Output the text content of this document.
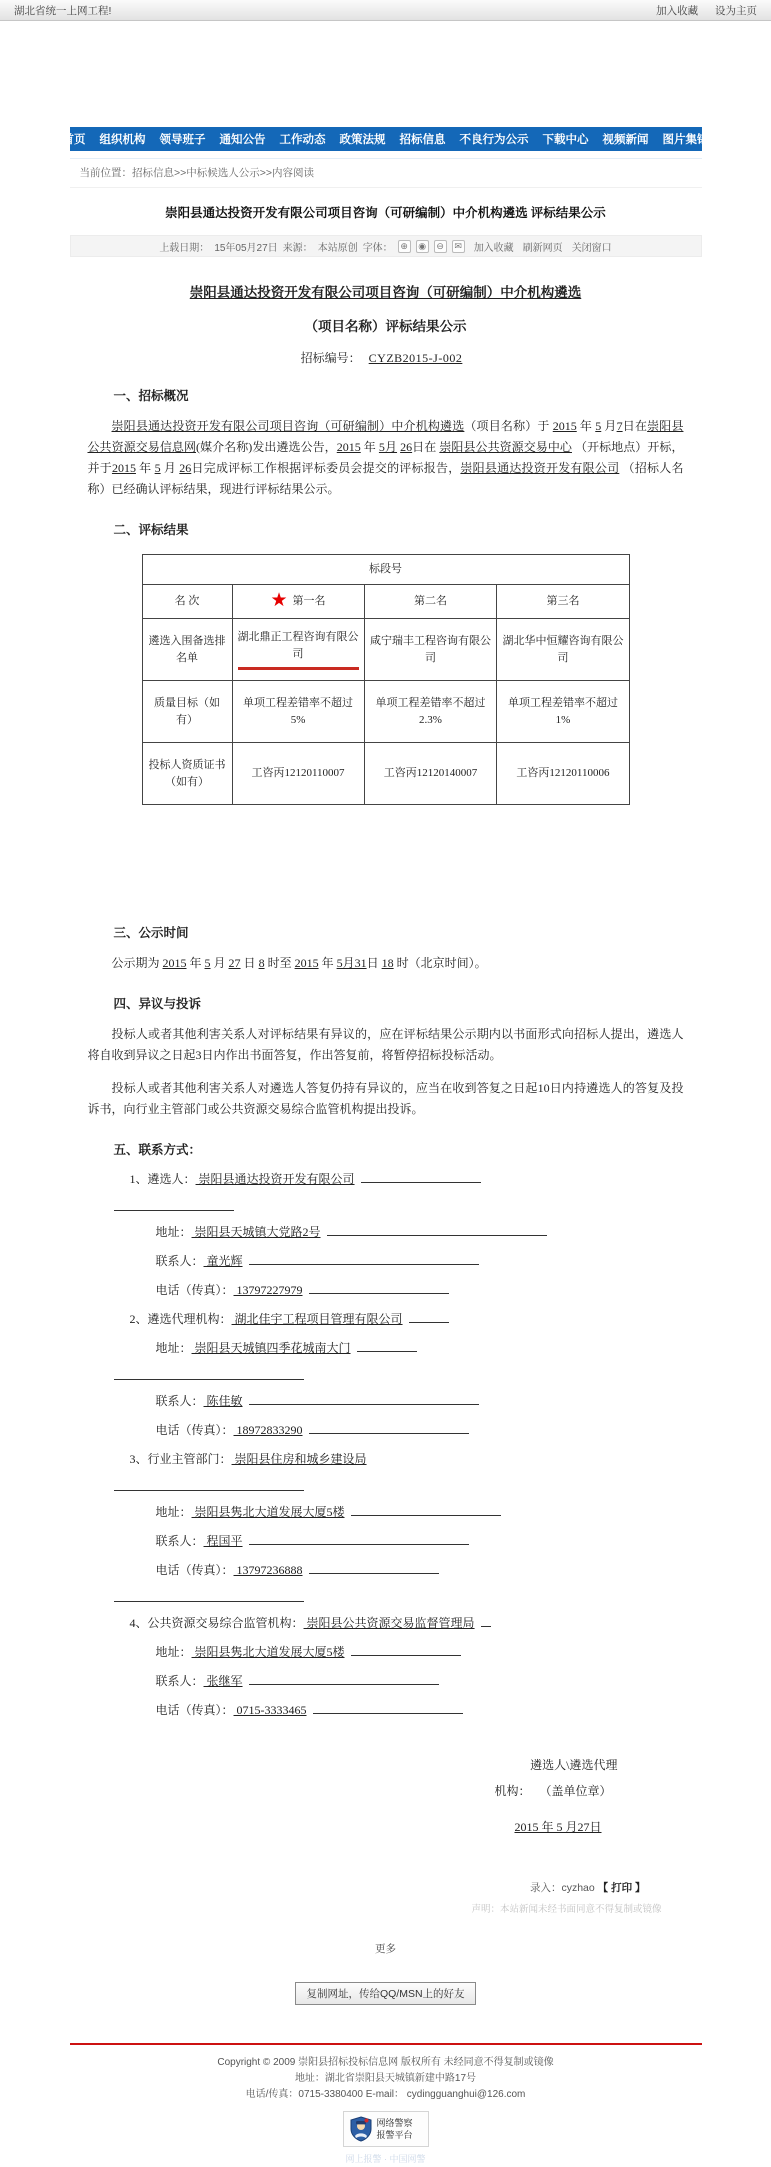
湖北省统一上网工程!	加入收藏 设为主页
首页	组织机构	领导班子	通知公告	工作动态	政策法规	招标信息	不良行为公示	下载中心	视频新闻	图片集锦
当前位置：招标信息>>中标候选人公示>>内容阅读
崇阳县通达投资开发有限公司项目咨询（可研编制）中介机构遴选 评标结果公示
上载日期： 15年05月27日 来源： 本站原创 字体： ⊕	◉	⊖	✉ 加入收藏 刷新网页 关闭窗口
崇阳县通达投资开发有限公司项目咨询（可研编制）中介机构遴选
（项目名称）评标结果公示
招标编号： CYZB2015-J-002
一、招标概况
崇阳县通达投资开发有限公司项目咨询（可研编制）中介机构遴选（项目名称）于 2015 年 5 月7日在崇阳县公共资源交易信息网(媒介名称)发出遴选公告，2015 年 5月 26日在 崇阳县公共资源交易中心 （开标地点）开标，并于2015 年 5 月 26日完成评标工作根据评标委员会提交的评标报告，崇阳县通达投资开发有限公司 （招标人名称）已经确认评标结果，现进行评标结果公示。
二、评标结果
标段号			
名 次	★ 第一名	第二名	第三名
遴选入围备选排名单	湖北鼎正工程咨询有限公司	咸宁瑞丰工程咨询有限公司	湖北华中恒耀咨询有限公司
质量目标（如有）	单项工程差错率不超过5%	单项工程差错率不超过2.3%	单项工程差错率不超过1%
投标人资质证书（如有）	工咨丙12120110007	工咨丙12120140007	工咨丙12120110006
三、公示时间
公示期为 2015 年 5 月 27 日 8 时至 2015 年 5月31日 18 时（北京时间）。
四、异议与投诉
投标人或者其他利害关系人对评标结果有异议的，应在评标结果公示期内以书面形式向招标人提出，遴选人将自收到异议之日起3日内作出书面答复，作出答复前，将暂停招标投标活动。
投标人或者其他利害关系人对遴选人答复仍持有异议的，应当在收到答复之日起10日内持遴选人的答复及投诉书，向行业主管部门或公共资源交易综合监管机构提出投诉。
五、联系方式：
1、遴选人： 崇阳县通达投资开发有限公司
地址： 崇阳县天城镇大党路2号
联系人： 童光辉
电话（传真）： 13797227979
2、遴选代理机构： 湖北佳宇工程项目管理有限公司
地址： 崇阳县天城镇四季花城南大门
联系人： 陈佳敏
电话（传真）： 18972833290
3、行业主管部门： 崇阳县住房和城乡建设局
地址： 崇阳县隽北大道发展大厦5楼
联系人： 程国平
电话（传真）： 13797236888
4、公共资源交易综合监管机构： 崇阳县公共资源交易监督管理局
地址： 崇阳县隽北大道发展大厦5楼
联系人： 张继军
电话（传真）： 0715-3333465
遴选人\遴选代理
机构： （盖单位章）
2015 年 5 月27日
录入：cyzhao 【 打印 】
声明：本站新闻未经书面同意不得复制或镜像
更多
复制网址，传给QQ/MSN上的好友
Copyright © 2009 崇阳县招标投标信息网 版权所有 未经同意不得复制或镜像
地址：湖北省崇阳县天城镇新建中路17号
电话/传真：0715-3380400 E-mail： cydingguanghui@126.com
网络警察
报警平台
网上报警 · 中国网警
